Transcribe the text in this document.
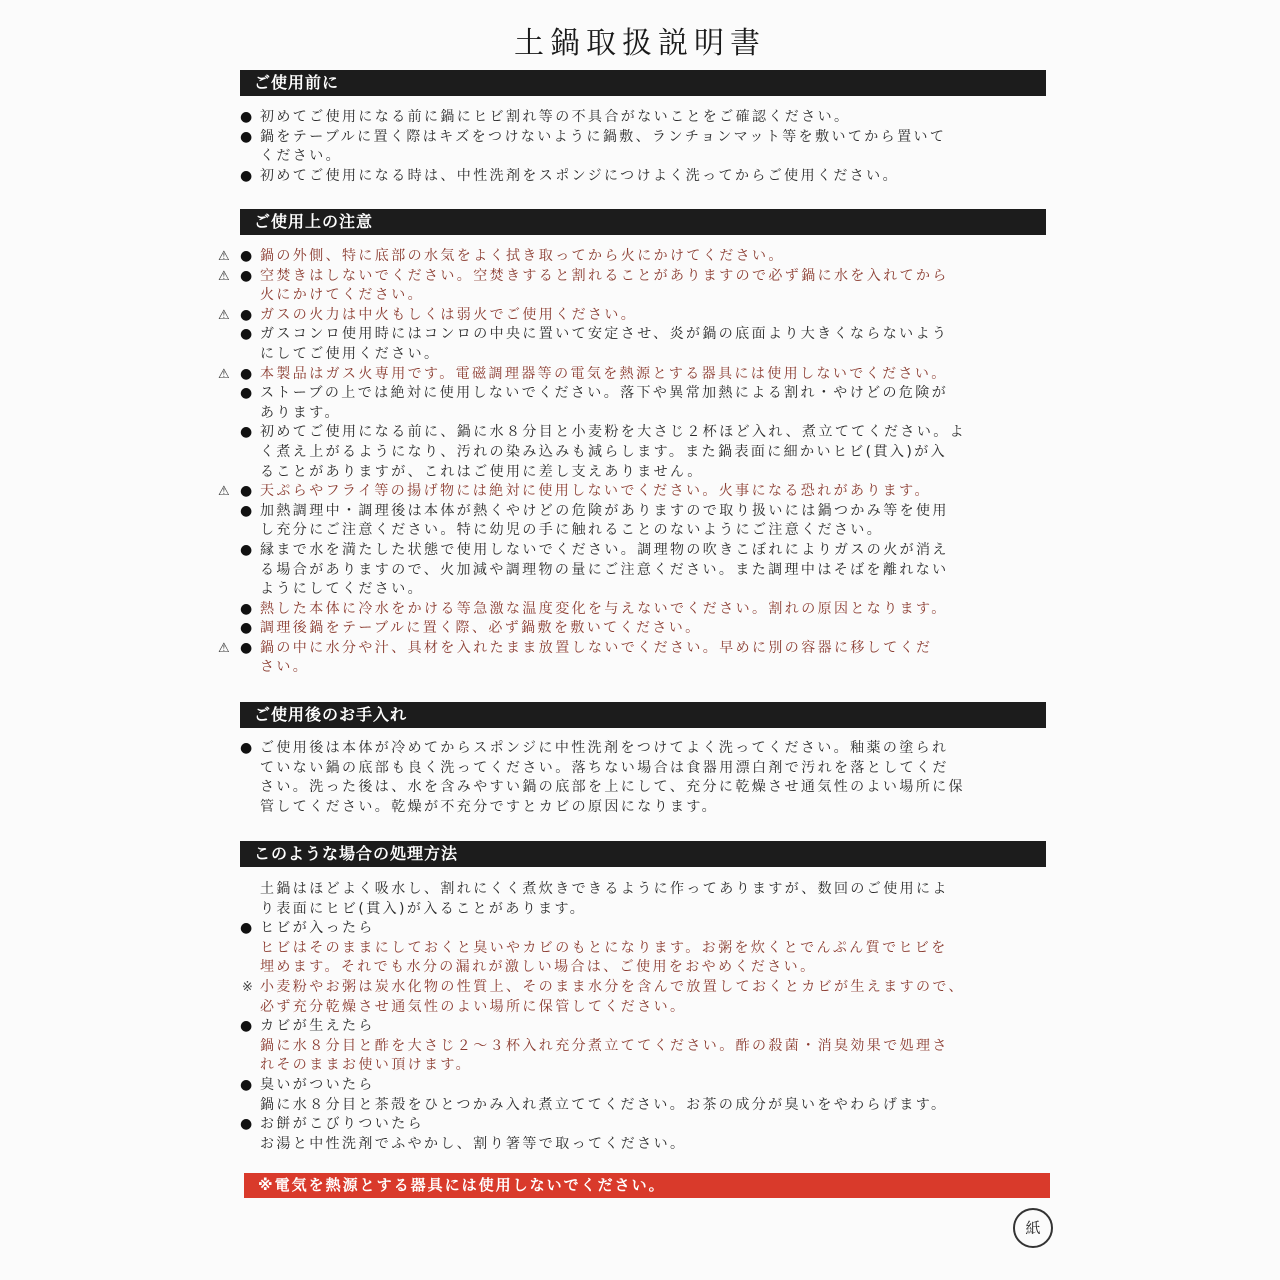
土鍋取扱説明書
ご使用前に
● 初めてご使用になる前に鍋にヒビ割れ等の不具合がないことをご確認ください。
● 鍋をテーブルに置く際はキズをつけないように鍋敷、ランチョンマット等を敷いてから置いて
ください。
● 初めてご使用になる時は、中性洗剤をスポンジにつけよく洗ってからご使用ください。
ご使用上の注意
⚠ ● 鍋の外側、特に底部の水気をよく拭き取ってから火にかけてください。
⚠ ● 空焚きはしないでください。空焚きすると割れることがありますので必ず鍋に水を入れてから
火にかけてください。
⚠ ● ガスの火力は中火もしくは弱火でご使用ください。
● ガスコンロ使用時にはコンロの中央に置いて安定させ、炎が鍋の底面より大きくならないよう
にしてご使用ください。
⚠ ● 本製品はガス火専用です。電磁調理器等の電気を熱源とする器具には使用しないでください。
● ストーブの上では絶対に使用しないでください。落下や異常加熱による割れ・やけどの危険が
あります。
● 初めてご使用になる前に、鍋に水８分目と小麦粉を大さじ２杯ほど入れ、煮立ててください。よ
く煮え上がるようになり、汚れの染み込みも減らします。また鍋表面に細かいヒビ(貫入)が入
ることがありますが、これはご使用に差し支えありません。
⚠ ● 天ぷらやフライ等の揚げ物には絶対に使用しないでください。火事になる恐れがあります。
● 加熱調理中・調理後は本体が熱くやけどの危険がありますので取り扱いには鍋つかみ等を使用
し充分にご注意ください。特に幼児の手に触れることのないようにご注意ください。
● 縁まで水を満たした状態で使用しないでください。調理物の吹きこぼれによりガスの火が消え
る場合がありますので、火加減や調理物の量にご注意ください。また調理中はそばを離れない
ようにしてください。
● 熱した本体に冷水をかける等急激な温度変化を与えないでください。割れの原因となります。
● 調理後鍋をテーブルに置く際、必ず鍋敷を敷いてください。
⚠ ● 鍋の中に水分や汁、具材を入れたまま放置しないでください。早めに別の容器に移してくだ
さい。
ご使用後のお手入れ
● ご使用後は本体が冷めてからスポンジに中性洗剤をつけてよく洗ってください。釉薬の塗られ
ていない鍋の底部も良く洗ってください。落ちない場合は食器用漂白剤で汚れを落としてくだ
さい。洗った後は、水を含みやすい鍋の底部を上にして、充分に乾燥させ通気性のよい場所に保
管してください。乾燥が不充分ですとカビの原因になります。
このような場合の処理方法
土鍋はほどよく吸水し、割れにくく煮炊きできるように作ってありますが、数回のご使用によ
り表面にヒビ(貫入)が入ることがあります。
● ヒビが入ったら
ヒビはそのままにしておくと臭いやカビのもとになります。お粥を炊くとでんぷん質でヒビを
埋めます。それでも水分の漏れが激しい場合は、ご使用をおやめください。
※ 小麦粉やお粥は炭水化物の性質上、そのまま水分を含んで放置しておくとカビが生えますので、
必ず充分乾燥させ通気性のよい場所に保管してください。
● カビが生えたら
鍋に水８分目と酢を大さじ２〜３杯入れ充分煮立ててください。酢の殺菌・消臭効果で処理さ
れそのままお使い頂けます。
● 臭いがついたら
鍋に水８分目と茶殻をひとつかみ入れ煮立ててください。お茶の成分が臭いをやわらげます。
● お餅がこびりついたら
お湯と中性洗剤でふやかし、割り箸等で取ってください。
※電気を熱源とする器具には使用しないでください。
紙
